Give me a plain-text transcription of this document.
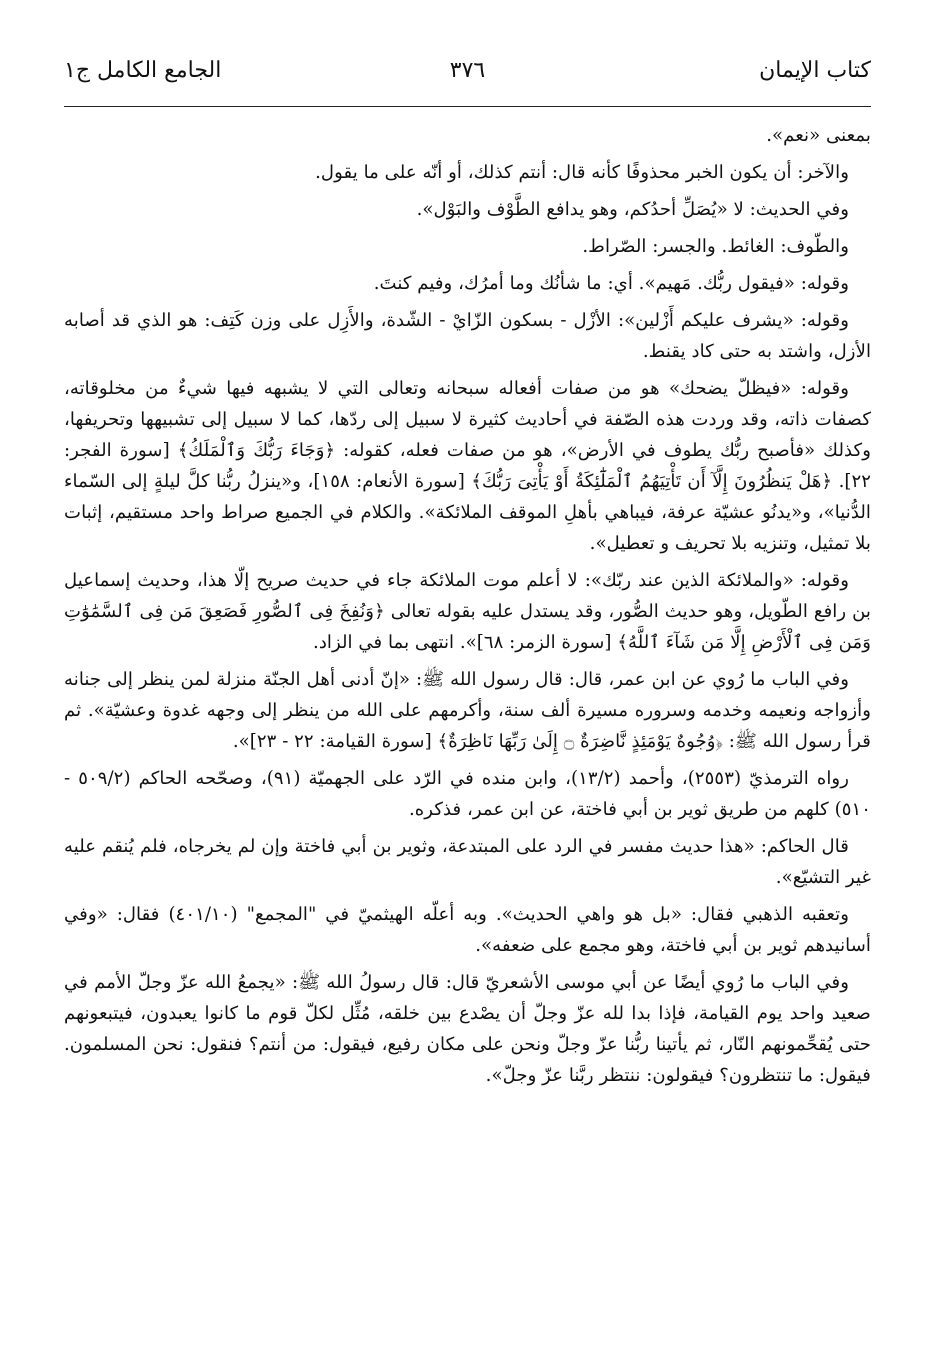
كتاب الإيمان
٣٧٦
الجامع الكامل ج١

بمعنى «نعم».

والآخر: أن يكون الخبر محذوفًا كأنه قال: أنتم كذلك، أو أنّه على ما يقول.

وفي الحديث: لا «يُصَلِّ أحدُكم، وهو يدافع الطَّوْف والبَوْل».

والطّوف: الغائط. والجسر: الصّراط.

وقوله: «فيقول ربُّك. مَهيم». أي: ما شأنُك وما أمرُك، وفيم كنتَ.

وقوله: «يشرف عليكم أَزْلين»: الأزْل - بسكون الزّايْ - الشّدة، والأَزِل على وزن كَتِف: هو الذي قد أصابه الأزل، واشتد به حتى كاد يقنط.

وقوله: «فيظلّ يضحك» هو من صفات أفعاله سبحانه وتعالى التي لا يشبهه فيها شيءٌ من مخلوقاته، كصفات ذاته، وقد وردت هذه الصّفة في أحاديث كثيرة لا سبيل إلى ردّها، كما لا سبيل إلى تشبيهها وتحريفها، وكذلك «فأصبح ربُّك يطوف في الأرض»، هو من صفات فعله، كقوله: ﴿وَجَاءَ رَبُّكَ وَٱلْمَلَكُ﴾ [سورة الفجر: ٢٢]. ﴿هَلْ يَنظُرُونَ إِلَّآ أَن تَأْتِيَهُمُ ٱلْمَلَٰٓئِكَةُ أَوْ يَأْتِىَ رَبُّكَ﴾ [سورة الأنعام: ١٥٨]، و«ينزلُ ربُّنا كلَّ ليلةٍ إلى السّماء الدُّنيا»، و«يدنُو عشيّة عرفة، فيباهي بأهلِ الموقف الملائكة». والكلام في الجميع صراط واحد مستقيم، إثبات بلا تمثيل، وتنزيه بلا تحريف و تعطيل».

وقوله: «والملائكة الذين عند ربّك»: لا أعلم موت الملائكة جاء في حديث صريح إلّا هذا، وحديث إسماعيل بن رافع الطّويل، وهو حديث الصُّور، وقد يستدل عليه بقوله تعالى ﴿وَنُفِخَ فِى ٱلصُّورِ فَصَعِقَ مَن فِى ٱلسَّمَٰوَٰتِ وَمَن فِى ٱلْأَرْضِ إِلَّا مَن شَآءَ ٱللَّهُ﴾ [سورة الزمر: ٦٨]». انتهى بما في الزاد.

وفي الباب ما رُوي عن ابن عمر، قال: قال رسول الله ﷺ: «إنّ أدنى أهل الجنّة منزلة لمن ينظر إلى جنانه وأزواجه ونعيمه وخدمه وسروره مسيرة ألف سنة، وأكرمهم على الله من ينظر إلى وجهه غدوة وعشيّة». ثم قرأ رسول الله ﷺ: ﴿وُجُوهٌ يَوْمَئِذٍ نَّاضِرَةٌ ۝ إِلَىٰ رَبِّهَا نَاظِرَةٌ﴾ [سورة القيامة: ٢٢ - ٢٣]».

رواه الترمذيّ (٢٥٥٣)، وأحمد (١٣/٢)، وابن منده في الرّد على الجهميّة (٩١)، وصحّحه الحاكم (٥٠٩/٢ - ٥١٠) كلهم من طريق ثوير بن أبي فاختة، عن ابن عمر، فذكره.

قال الحاكم: «هذا حديث مفسر في الرد على المبتدعة، وثوير بن أبي فاختة وإن لم يخرجاه، فلم يُنقم عليه غير التشيّع».

وتعقبه الذهبي فقال: «بل هو واهي الحديث». وبه أعلّه الهيثميّ في "المجمع" (٤٠١/١٠) فقال: «وفي أسانيدهم ثوير بن أبي فاختة، وهو مجمع على ضعفه».

وفي الباب ما رُوي أيضًا عن أبي موسى الأشعريّ قال: قال رسولُ الله ﷺ: «يجمعُ الله عزّ وجلّ الأمم في صعيد واحد يوم القيامة، فإذا بدا لله عزّ وجلّ أن يصْدع بين خلقه، مُثِّل لكلّ قوم ما كانوا يعبدون، فيتبعونهم حتى يُقحِّمونهم النّار، ثم يأتينا ربُّنا عزّ وجلّ ونحن على مكان رفيع، فيقول: من أنتم؟ فنقول: نحن المسلمون. فيقول: ما تنتظرون؟ فيقولون: ننتظر ربَّنا عزّ وجلّ».
